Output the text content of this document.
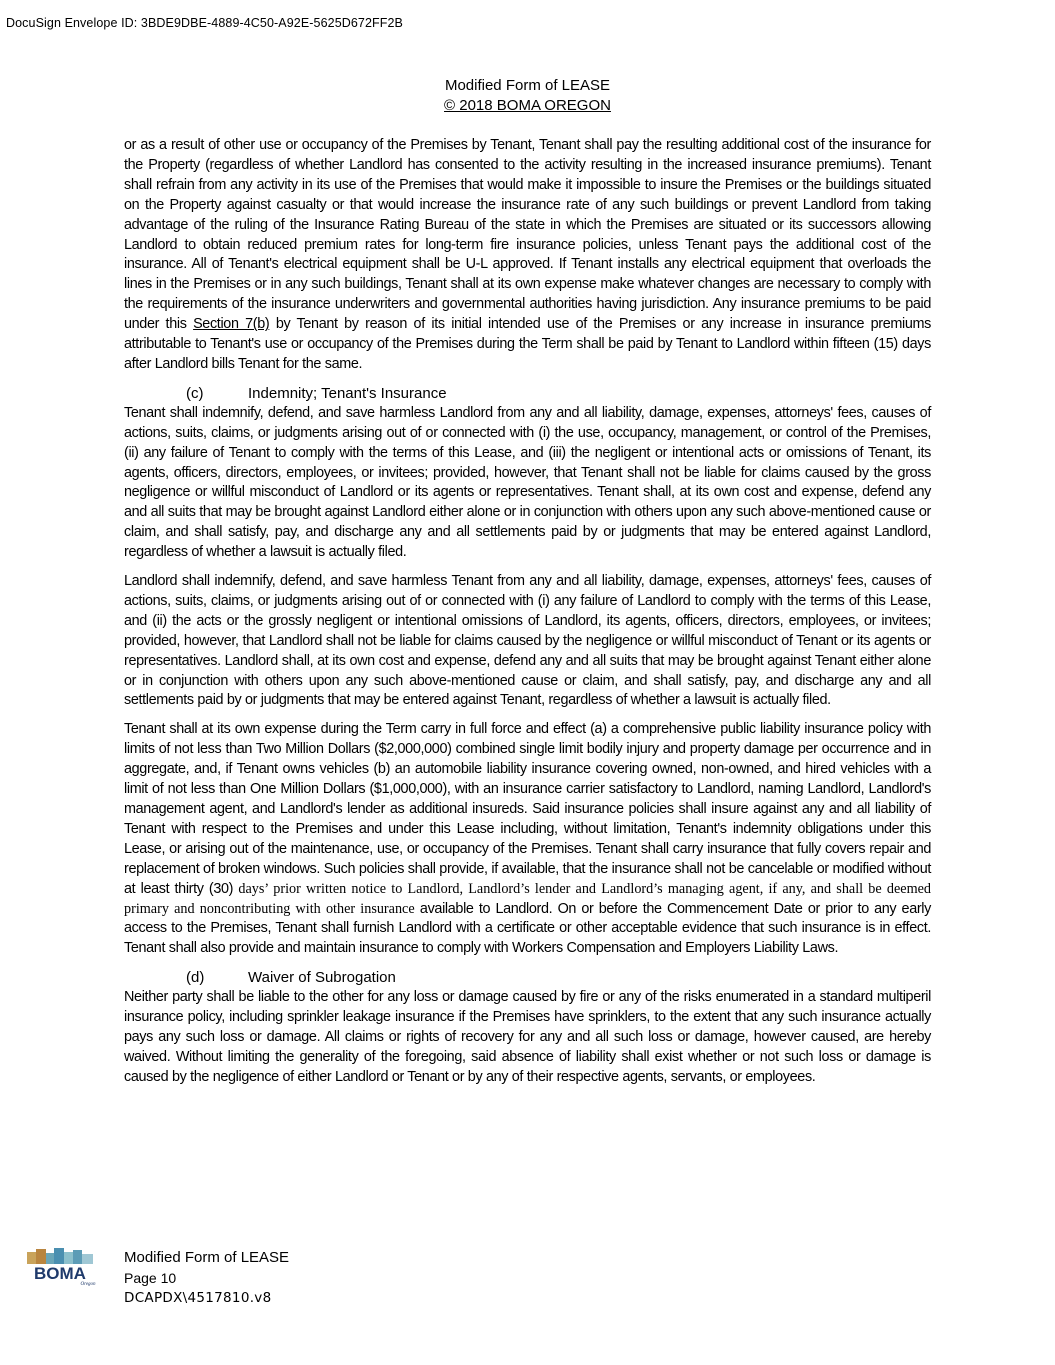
DocuSign Envelope ID: 3BDE9DBE-4889-4C50-A92E-5625D672FF2B
Modified Form of LEASE
© 2018 BOMA OREGON

or as a result of other use or occupancy of the Premises by Tenant, Tenant shall pay the resulting additional cost of the insurance for the Property (regardless of whether Landlord has consented to the activity resulting in the increased insurance premiums). Tenant shall refrain from any activity in its use of the Premises that would make it impossible to insure the Premises or the buildings situated on the Property against casualty or that would increase the insurance rate of any such buildings or prevent Landlord from taking advantage of the ruling of the Insurance Rating Bureau of the state in which the Premises are situated or its successors allowing Landlord to obtain reduced premium rates for long-term fire insurance policies, unless Tenant pays the additional cost of the insurance. All of Tenant's electrical equipment shall be U-L approved. If Tenant installs any electrical equipment that overloads the lines in the Premises or in any such buildings, Tenant shall at its own expense make whatever changes are necessary to comply with the requirements of the insurance underwriters and governmental authorities having jurisdiction. Any insurance premiums to be paid under this Section 7(b) by Tenant by reason of its initial intended use of the Premises or any increase in insurance premiums attributable to Tenant's use or occupancy of the Premises during the Term shall be paid by Tenant to Landlord within fifteen (15) days after Landlord bills Tenant for the same.

(c)	Indemnity; Tenant's Insurance

Tenant shall indemnify, defend, and save harmless Landlord from any and all liability, damage, expenses, attorneys' fees, causes of actions, suits, claims, or judgments arising out of or connected with (i) the use, occupancy, management, or control of the Premises, (ii) any failure of Tenant to comply with the terms of this Lease, and (iii) the negligent or intentional acts or omissions of Tenant, its agents, officers, directors, employees, or invitees; provided, however, that Tenant shall not be liable for claims caused by the gross negligence or willful misconduct of Landlord or its agents or representatives. Tenant shall, at its own cost and expense, defend any and all suits that may be brought against Landlord either alone or in conjunction with others upon any such above-mentioned cause or claim, and shall satisfy, pay, and discharge any and all settlements paid by or judgments that may be entered against Landlord, regardless of whether a lawsuit is actually filed.

Landlord shall indemnify, defend, and save harmless Tenant from any and all liability, damage, expenses, attorneys' fees, causes of actions, suits, claims, or judgments arising out of or connected with (i) any failure of Landlord to comply with the terms of this Lease, and (ii) the acts or the grossly negligent or intentional omissions of Landlord, its agents, officers, directors, employees, or invitees; provided, however, that Landlord shall not be liable for claims caused by the negligence or willful misconduct of Tenant or its agents or representatives. Landlord shall, at its own cost and expense, defend any and all suits that may be brought against Tenant either alone or in conjunction with others upon any such above-mentioned cause or claim, and shall satisfy, pay, and discharge any and all settlements paid by or judgments that may be entered against Tenant, regardless of whether a lawsuit is actually filed.

Tenant shall at its own expense during the Term carry in full force and effect (a) a comprehensive public liability insurance policy with limits of not less than Two Million Dollars ($2,000,000) combined single limit bodily injury and property damage per occurrence and in aggregate, and, if Tenant owns vehicles (b) an automobile liability insurance covering owned, non-owned, and hired vehicles with a limit of not less than One Million Dollars ($1,000,000), with an insurance carrier satisfactory to Landlord, naming Landlord, Landlord's management agent, and Landlord's lender as additional insureds. Said insurance policies shall insure against any and all liability of Tenant with respect to the Premises and under this Lease including, without limitation, Tenant's indemnity obligations under this Lease, or arising out of the maintenance, use, or occupancy of the Premises. Tenant shall carry insurance that fully covers repair and replacement of broken windows. Such policies shall provide, if available, that the insurance shall not be cancelable or modified without at least thirty (30) days’ prior written notice to Landlord, Landlord’s lender and Landlord’s managing agent, if any, and shall be deemed primary and noncontributing with other insurance available to Landlord. On or before the Commencement Date or prior to any early access to the Premises, Tenant shall furnish Landlord with a certificate or other acceptable evidence that such insurance is in effect. Tenant shall also provide and maintain insurance to comply with Workers Compensation and Employers Liability Laws.

(d)	Waiver of Subrogation

Neither party shall be liable to the other for any loss or damage caused by fire or any of the risks enumerated in a standard multiperil insurance policy, including sprinkler leakage insurance if the Premises have sprinklers, to the extent that any such insurance actually pays any such loss or damage. All claims or rights of recovery for any and all such loss or damage, however caused, are hereby waived. Without limiting the generality of the foregoing, said absence of liability shall exist whether or not such loss or damage is caused by the negligence of either Landlord or Tenant or by any of their respective agents, servants, or employees.

BOMA
Oregon
Modified Form of LEASE
Page 10
DCAPDX\4517810.v8
